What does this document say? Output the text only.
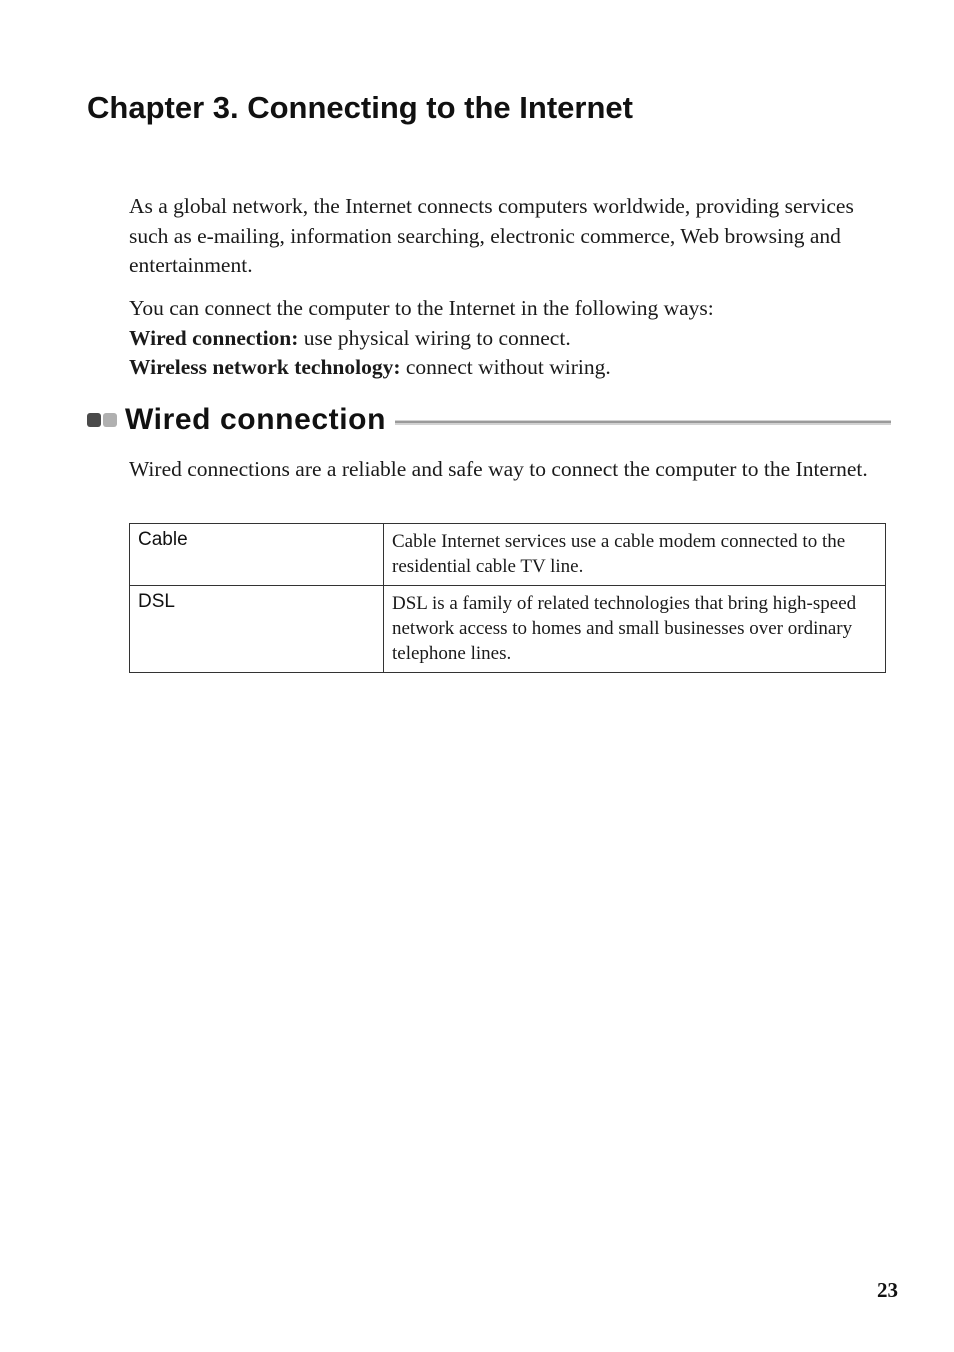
Chapter 3. Connecting to the Internet

As a global network, the Internet connects computers worldwide, providing services such as e-mailing, information searching, electronic commerce, Web browsing and entertainment.

You can connect the computer to the Internet in the following ways:
Wired connection: use physical wiring to connect.
Wireless network technology: connect without wiring.
Wired connection

Wired connections are a reliable and safe way to connect the computer to the Internet.

Cable	Cable Internet services use a cable modem connected to the residential cable TV line.
DSL	DSL is a family of related technologies that bring high-speed network access to homes and small businesses over ordinary telephone lines.
23
